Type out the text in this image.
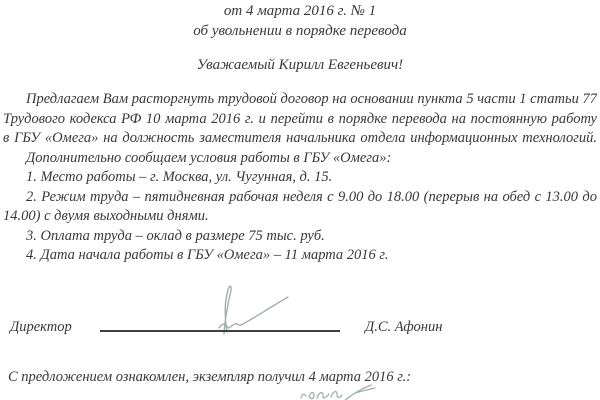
от 4 марта 2016 г. № 1
об увольнении в порядке перевода
Уважаемый Кирилл Евгеньевич!
Предлагаем Вам расторгнуть трудовой договор на основании пункта 5 части 1 статьи 77
Трудового кодекса РФ 10 марта 2016 г. и перейти в порядке перевода на постоянную работу
в ГБУ «Омега» на должность заместителя начальника отдела информационных технологий.
Дополнительно сообщаем условия работы в ГБУ «Омега»:
1. Место работы – г. Москва, ул. Чугунная, д. 15.
2. Режим труда – пятидневная рабочая неделя с 9.00 до 18.00 (перерыв на обед с 13.00 до
14.00) с двумя выходными днями.
3. Оплата труда – оклад в размере 75 тыс. руб.
4. Дата начала работы в ГБУ «Омега» – 11 марта 2016 г.
Директор	Д.С. Афонин
С предложением ознакомлен, экземпляр получил 4 марта 2016 г.:
